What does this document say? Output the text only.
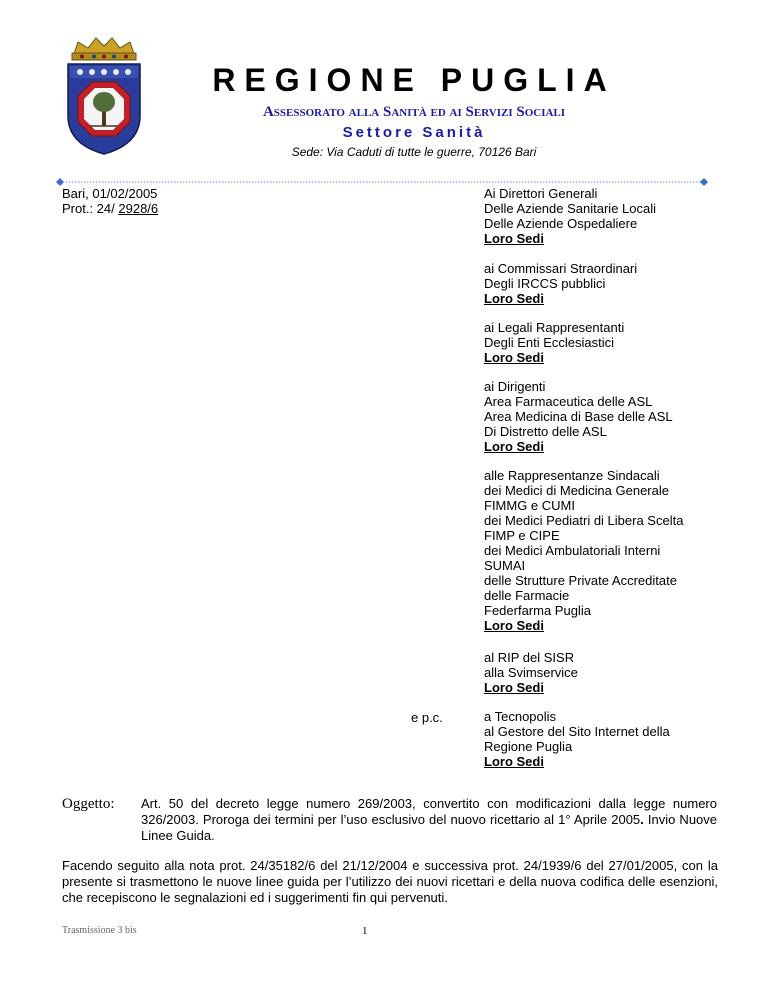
REGIONE PUGLIA
Assessorato alla Sanità ed ai Servizi Sociali
Settore Sanità
Sede: Via Caduti di tutte le guerre, 70126 Bari
Bari, 01/02/2005
Prot.: 24/ 2928/6
Ai Direttori Generali
Delle Aziende Sanitarie Locali
Delle Aziende Ospedaliere
Loro Sedi
ai Commissari Straordinari
Degli IRCCS pubblici
Loro Sedi
ai Legali Rappresentanti
Degli Enti Ecclesiastici
Loro Sedi
ai Dirigenti
Area Farmaceutica delle ASL
Area Medicina di Base delle ASL
Di Distretto delle ASL
Loro Sedi
alle Rappresentanze Sindacali
dei Medici di Medicina Generale
FIMMG e CUMI
dei Medici Pediatri di Libera Scelta
FIMP e CIPE
dei Medici Ambulatoriali Interni
SUMAI
delle Strutture Private Accreditate
delle Farmacie
Federfarma Puglia
Loro Sedi
al RIP del SISR
alla Svimservice
Loro Sedi
e p.c.	a Tecnopolis
al Gestore del Sito Internet della
Regione Puglia
Loro Sedi
Oggetto: Art. 50 del decreto legge numero 269/2003, convertito con modificazioni dalla legge numero 326/2003. Proroga dei termini per l’uso esclusivo del nuovo ricettario al 1° Aprile 2005. Invio Nuove Linee Guida.
Facendo seguito alla nota prot. 24/35182/6 del 21/12/2004 e successiva prot. 24/1939/6 del 27/01/2005, con la presente si trasmettono le nuove linee guida per l’utilizzo dei nuovi ricettari e della nuova codifica delle esenzioni, che recepiscono le segnalazioni ed i suggerimenti fin qui pervenuti.
Trasmissione 3 bis	1
